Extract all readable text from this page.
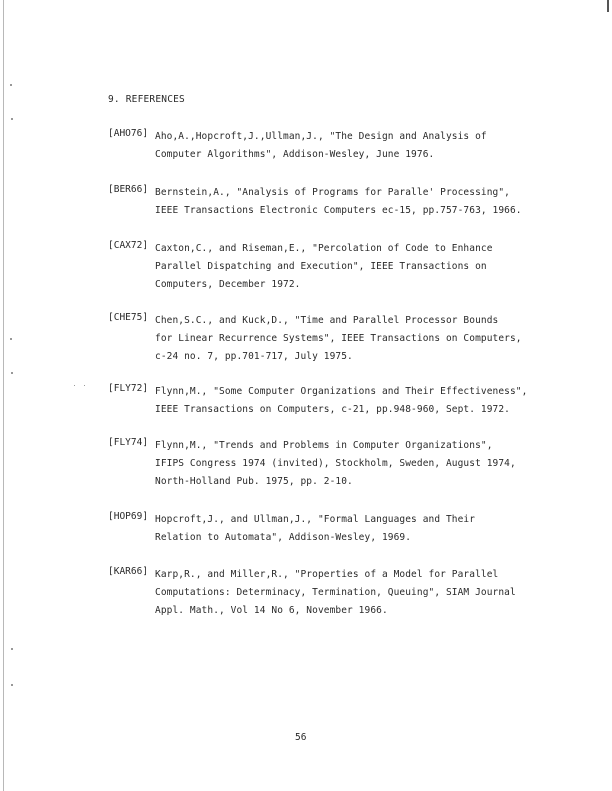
9. REFERENCES
[AHO76] Aho,A.,Hopcroft,J.,Ullman,J., "The Design and Analysis of
Computer Algorithms", Addison-Wesley, June 1976.
[BER66] Bernstein,A., "Analysis of Programs for Paralle' Processing",
IEEE Transactions Electronic Computers ec-15, pp.757-763, 1966.
[CAX72] Caxton,C., and Riseman,E., "Percolation of Code to Enhance
Parallel Dispatching and Execution", IEEE Transactions on
Computers, December 1972.
[CHE75] Chen,S.C., and Kuck,D., "Time and Parallel Processor Bounds
for Linear Recurrence Systems", IEEE Transactions on Computers,
c-24 no. 7, pp.701-717, July 1975.
[FLY72] Flynn,M., "Some Computer Organizations and Their Effectiveness",
IEEE Transactions on Computers, c-21, pp.948-960, Sept. 1972.
[FLY74] Flynn,M., "Trends and Problems in Computer Organizations",
IFIPS Congress 1974 (invited), Stockholm, Sweden, August 1974,
North-Holland Pub. 1975, pp. 2-10.
[HOP69] Hopcroft,J., and Ullman,J., "Formal Languages and Their
Relation to Automata", Addison-Wesley, 1969.
[KAR66] Karp,R., and Miller,R., "Properties of a Model for Parallel
Computations: Determinacy, Termination, Queuing", SIAM Journal
Appl. Math., Vol 14 No 6, November 1966.
56
